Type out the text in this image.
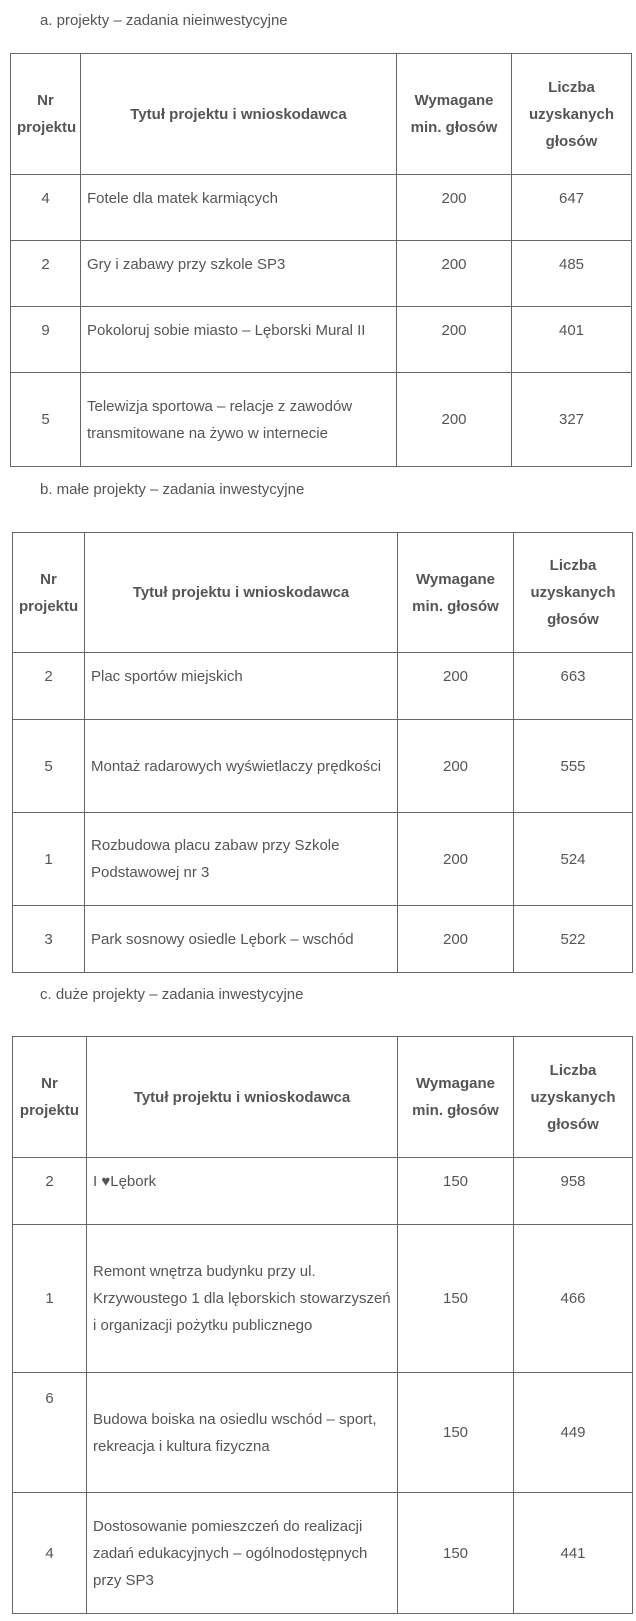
a. projekty – zadania nieinwestycyjne
Nr projektu	Tytuł projektu i wnioskodawca	Wymagane min. głosów	Liczba uzyskanych głosów
4	Fotele dla matek karmiących	200	647
2	Gry i zabawy przy szkole SP3	200	485
9	Pokoloruj sobie miasto – Lęborski Mural II	200	401
5	Telewizja sportowa – relacje z zawodów transmitowane na żywo w internecie	200	327
b. małe projekty – zadania inwestycyjne
Nr projektu	Tytuł projektu i wnioskodawca	Wymagane min. głosów	Liczba uzyskanych głosów
2	Plac sportów miejskich	200	663
5	Montaż radarowych wyświetlaczy prędkości	200	555
1	Rozbudowa placu zabaw przy Szkole Podstawowej nr 3	200	524
3	Park sosnowy osiedle Lębork – wschód	200	522
c. duże projekty – zadania inwestycyjne
Nr projektu	Tytuł projektu i wnioskodawca	Wymagane min. głosów	Liczba uzyskanych głosów
2	I ♥Lębork	150	958
1	Remont wnętrza budynku przy ul. Krzywoustego 1 dla lęborskich stowarzyszeń i organizacji pożytku publicznego	150	466
6	Budowa boiska na osiedlu wschód – sport, rekreacja i kultura fizyczna	150	449
4	Dostosowanie pomieszczeń do realizacji zadań edukacyjnych – ogólnodostępnych przy SP3	150	441
